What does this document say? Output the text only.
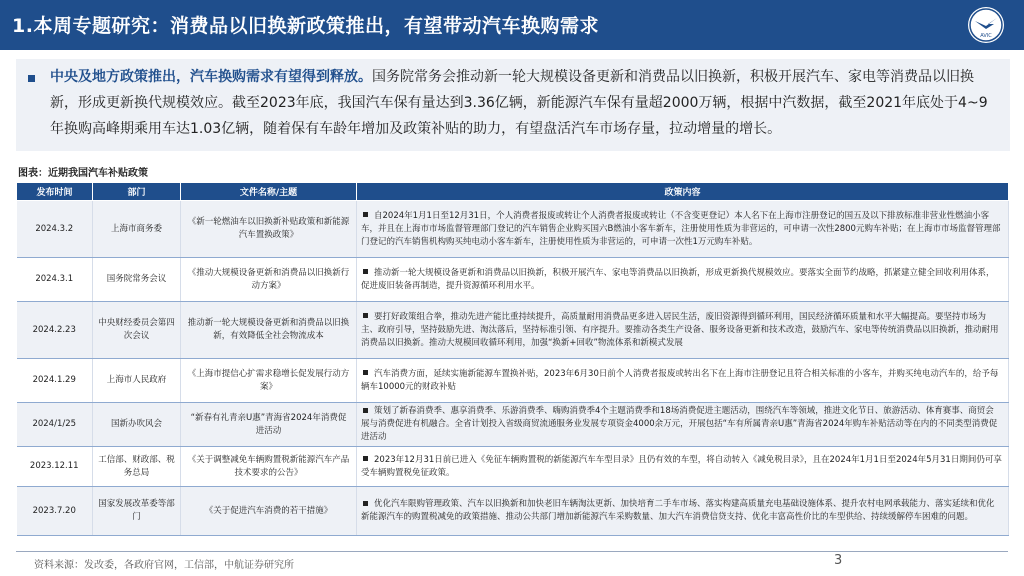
1.本周专题研究：消费品以旧换新政策推出，有望带动汽车换购需求	AVIC

中央及地方政策推出，汽车换购需求有望得到释放。国务院常务会推动新一轮大规模设备更新和消费品以旧换新，积极开展汽车、家电等消费品以旧换新，形成更新换代规模效应。截至2023年底，我国汽车保有量达到3.36亿辆，新能源汽车保有量超2000万辆，根据中汽数据，截至2021年底处于4~9年换购高峰期乘用车达1.03亿辆，随着保有车龄年增加及政策补贴的助力，有望盘活汽车市场存量，拉动增量的增长。

图表：近期我国汽车补贴政策
发布时间	部门	文件名称/主题	政策内容
2024.3.2	上海市商务委	《新一轮燃油车以旧换新补贴政策和新能源汽车置换政策》	自2024年1月1日至12月31日，个人消费者报废或转让个人消费者报废或转让（不含变更登记）本人名下在上海市注册登记的国五及以下排放标准非营业性燃油小客车，并且在上海市市场监督管理部门登记的汽车销售企业购买国六B燃油小客车新车，注册使用性质为非营运的，可申请一次性2800元购车补贴；在上海市市场监督管理部门登记的汽车销售机构购买纯电动小客车新车，注册使用性质为非营运的，可申请一次性1万元购车补贴。
2024.3.1	国务院常务会议	《推动大规模设备更新和消费品以旧换新行动方案》	推动新一轮大规模设备更新和消费品以旧换新，积极开展汽车、家电等消费品以旧换新，形成更新换代规模效应。要落实全面节约战略，抓紧建立健全回收利用体系，促进废旧装备再制造，提升资源循环利用水平。
2024.2.23	中央财经委员会第四次会议	推动新一轮大规模设备更新和消费品以旧换新，有效降低全社会物流成本	要打好政策组合拳，推动先进产能比重持续提升，高质量耐用消费品更多进入居民生活，废旧资源得到循环利用，国民经济循环质量和水平大幅提高。要坚持市场为主、政府引导，坚持鼓励先进、淘汰落后，坚持标准引领、有序提升。要推动各类生产设备、服务设备更新和技术改造，鼓励汽车、家电等传统消费品以旧换新，推动耐用消费品以旧换新。推动大规模回收循环利用，加强“换新+回收”物流体系和新模式发展
2024.1.29	上海市人民政府	《上海市提信心扩需求稳增长促发展行动方案》	汽车消费方面，延续实施新能源车置换补贴，2023年6月30日前个人消费者报废或转出名下在上海市注册登记且符合相关标准的小客车，并购买纯电动汽车的，给予每辆车10000元的财政补贴
2024/1/25	国新办吹风会	“新春有礼青亲U惠”青海省2024年消费促进活动	策划了新春消费季、惠享消费季、乐游消费季、嗨购消费季4个主题消费季和18场消费促进主题活动，围绕汽车等领域，推进文化节日、旅游活动、体育赛事、商贸会展与消费促进有机融合。全省计划投入省级商贸流通服务业发展专项资金4000余万元，开展包括“车有所属青亲U惠”青海省2024年购车补贴活动等在内的不同类型消费促进活动
2023.12.11	工信部、财政部、税务总局	《关于调整减免车辆购置税新能源汽车产品技术要求的公告》	2023年12月31日前已进入《免征车辆购置税的新能源汽车车型目录》且仍有效的车型，将自动转入《减免税目录》，且在2024年1月1日至2024年5月31日期间仍可享受车辆购置税免征政策。
2023.7.20	国家发展改革委等部门	《关于促进汽车消费的若干措施》	优化汽车限购管理政策、汽车以旧换新和加快老旧车辆淘汰更新、加快培育二手车市场、落实构建高质量充电基础设施体系、提升农村电网承载能力、落实延续和优化新能源汽车的购置税减免的政策措施、推动公共部门增加新能源汽车采购数量、加大汽车消费信贷支持、优化丰富高性价比的车型供给、持续缓解停车困难的问题。
资料来源：发改委，各政府官网，工信部，中航证券研究所	3
